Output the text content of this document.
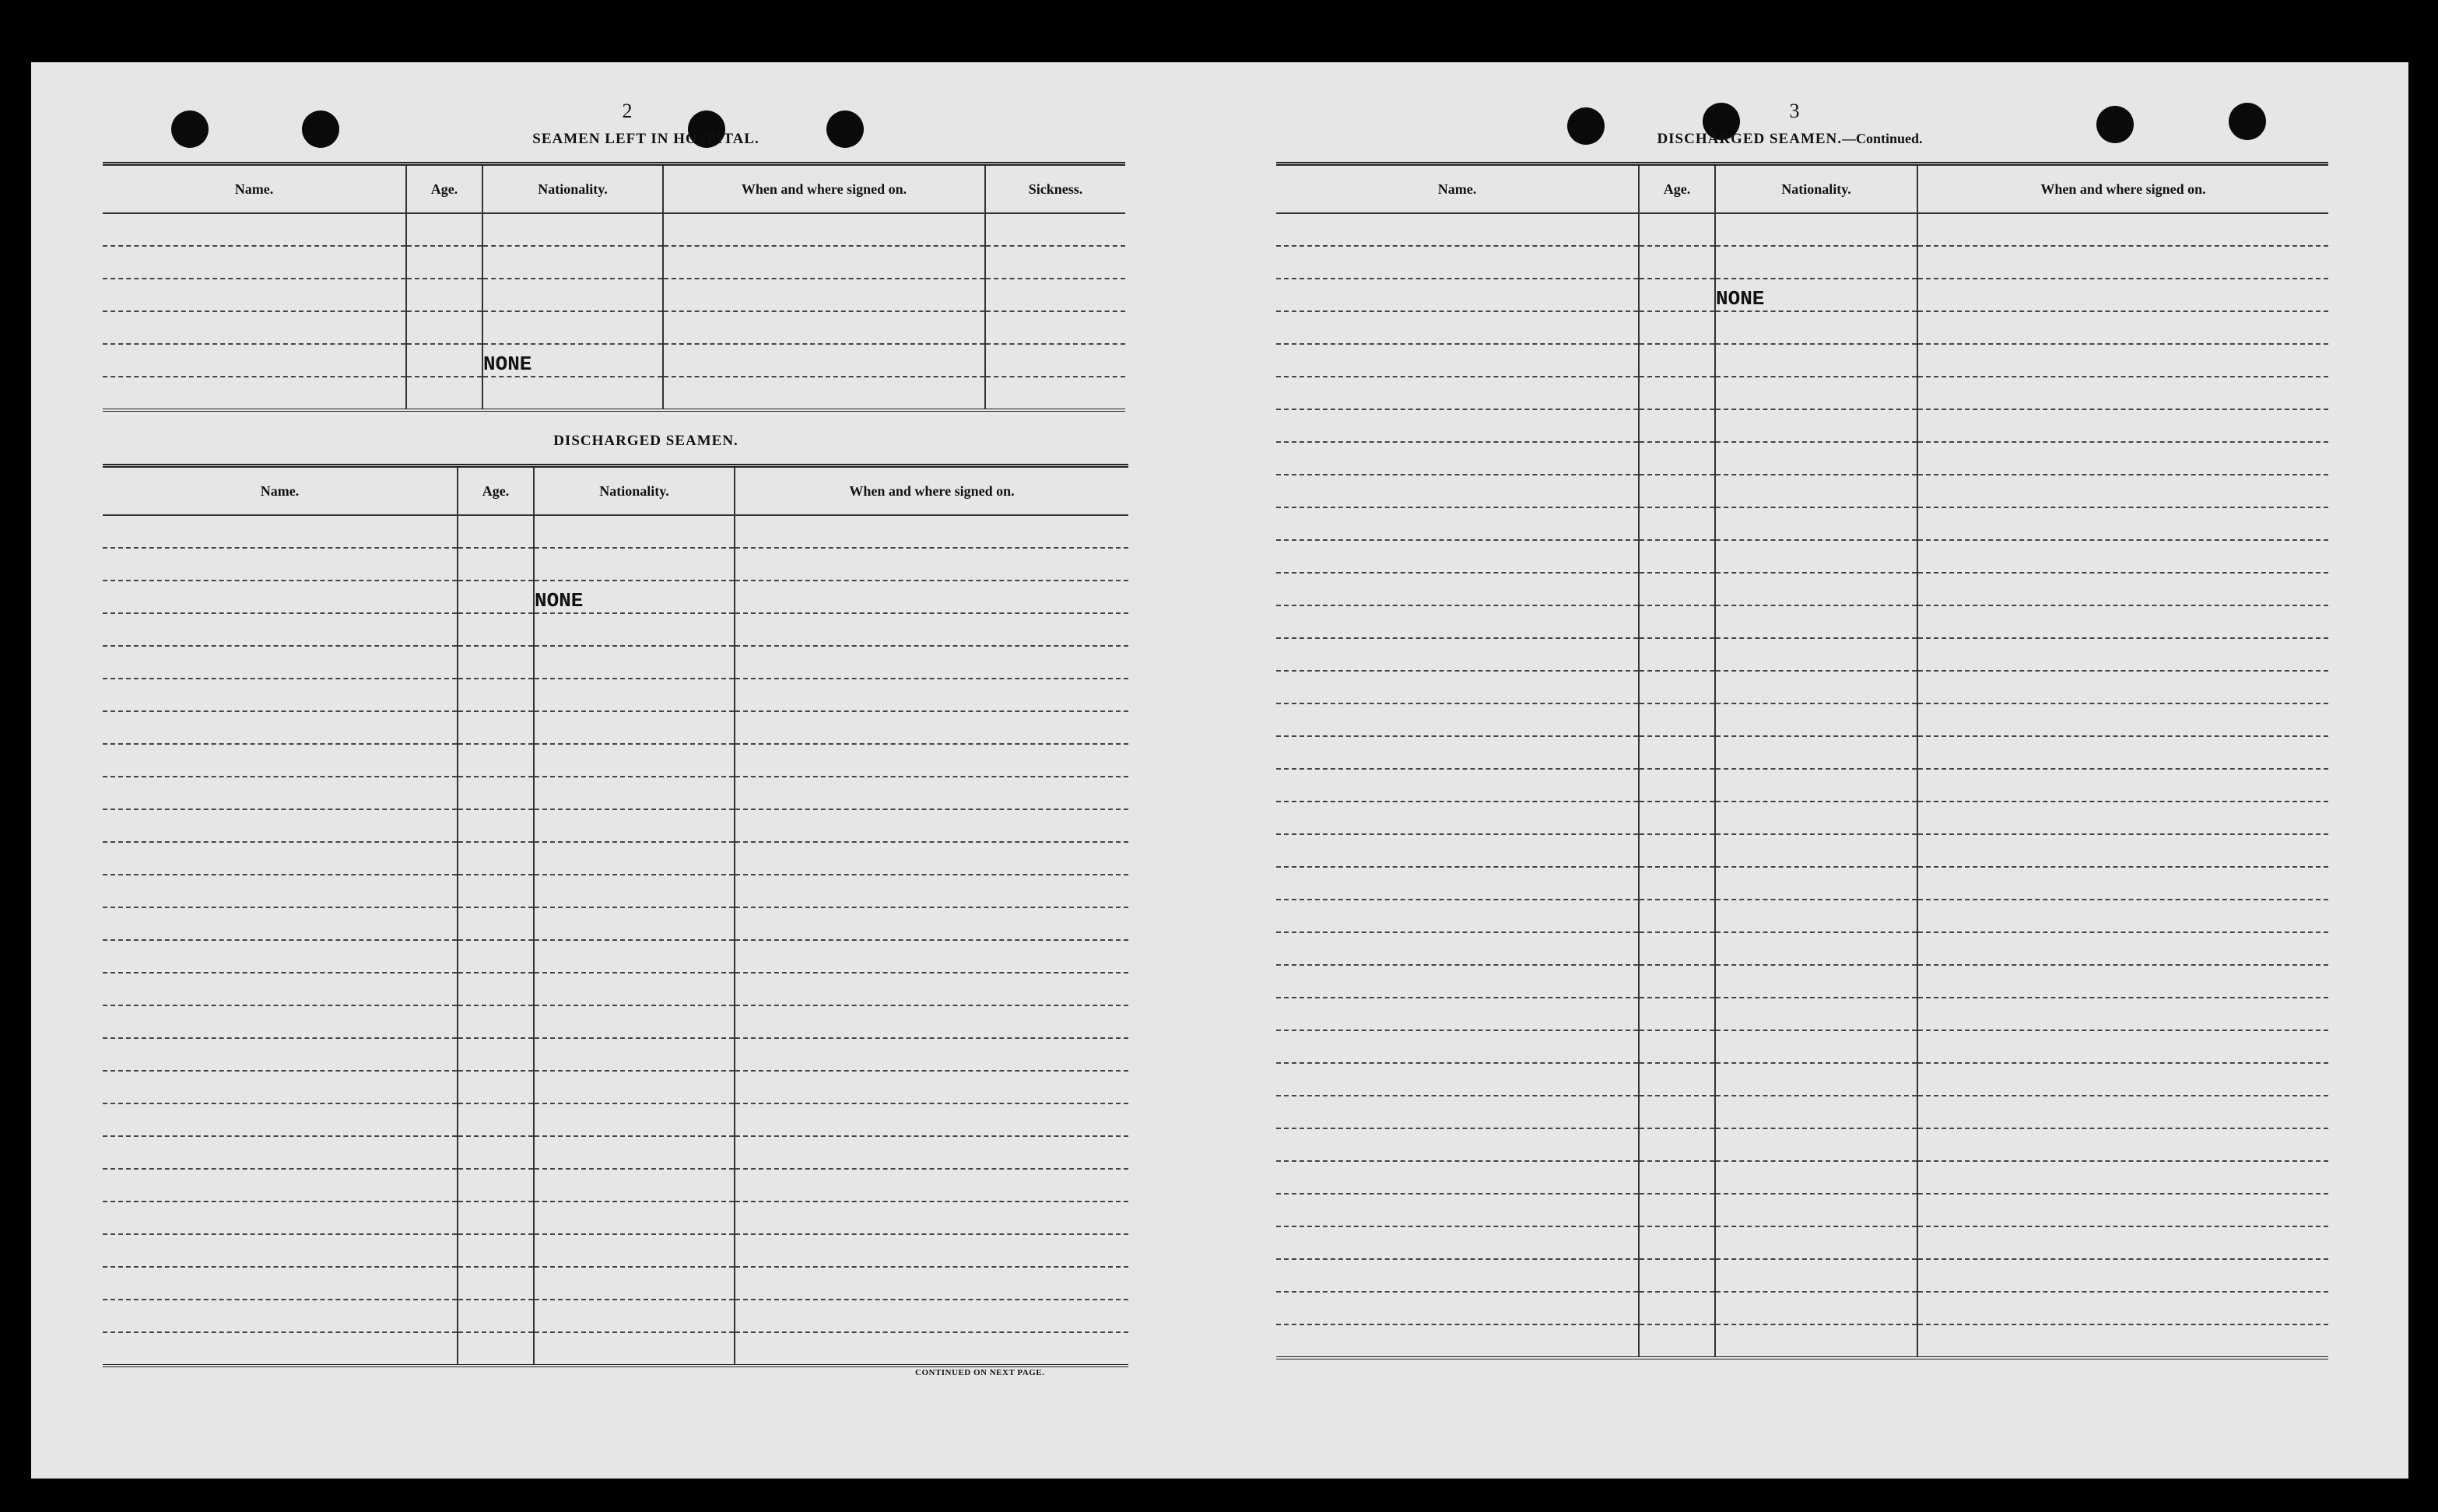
2
SEAMEN LEFT IN HOSPITAL.
Name.	Age.	Nationality.	When and where signed on.	Sickness.

		NONE		

DISCHARGED SEAMEN.
Name.	Age.	Nationality.	When and where signed on.

		NONE	

CONTINUED ON NEXT PAGE.
3
DISCHARGED SEAMEN.—Continued.
Name.	Age.	Nationality.	When and where signed on.

		NONE	
